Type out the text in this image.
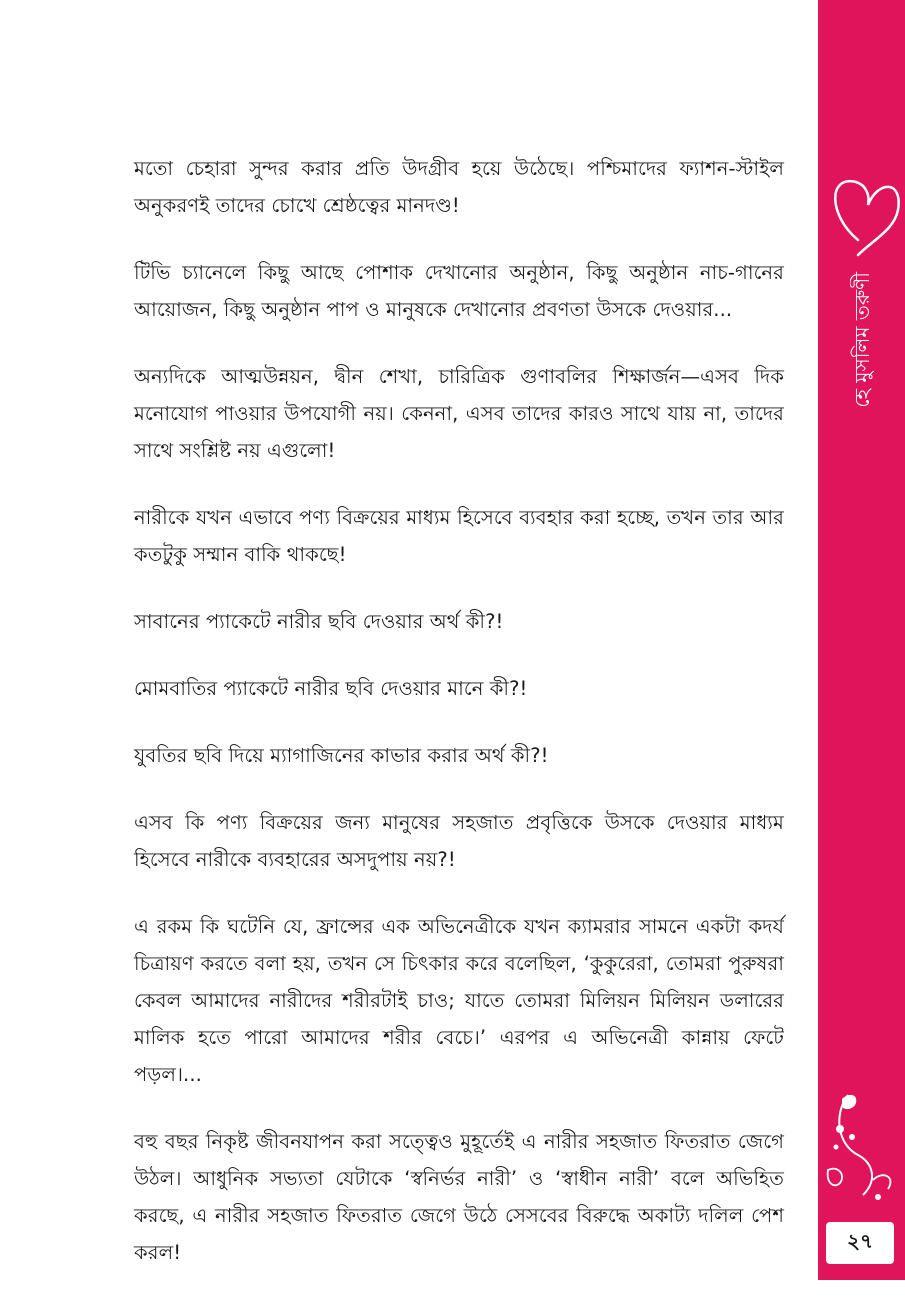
মতো চেহারা সুন্দর করার প্রতি উদগ্রীব হয়ে উঠেছে। পশ্চিমাদের ফ্যাশন-স্টাইল অনুকরণই তাদের চোখে শ্রেষ্ঠত্বের মানদণ্ড!

টিভি চ্যানেলে কিছু আছে পোশাক দেখানোর অনুষ্ঠান, কিছু অনুষ্ঠান নাচ-গানের আয়োজন, কিছু অনুষ্ঠান পাপ ও মানুষকে দেখানোর প্রবণতা উসকে দেওয়ার...

অন্যদিকে আত্মউন্নয়ন, দ্বীন শেখা, চারিত্রিক গুণাবলির শিক্ষার্জন—এসব দিক মনোযোগ পাওয়ার উপযোগী নয়। কেননা, এসব তাদের কারও সাথে যায় না, তাদের সাথে সংশ্লিষ্ট নয় এগুলো!

নারীকে যখন এভাবে পণ্য বিক্রয়ের মাধ্যম হিসেবে ব্যবহার করা হচ্ছে, তখন তার আর কতটুকু সম্মান বাকি থাকছে!

সাবানের প্যাকেটে নারীর ছবি দেওয়ার অর্থ কী?!

মোমবাতির প্যাকেটে নারীর ছবি দেওয়ার মানে কী?!

যুবতির ছবি দিয়ে ম্যাগাজিনের কাভার করার অর্থ কী?!

এসব কি পণ্য বিক্রয়ের জন্য মানুষের সহজাত প্রবৃত্তিকে উসকে দেওয়ার মাধ্যম হিসেবে নারীকে ব্যবহারের অসদুপায় নয়?!

এ রকম কি ঘটেনি যে, ফ্রান্সের এক অভিনেত্রীকে যখন ক্যামরার সামনে একটা কদর্য চিত্রায়ণ করতে বলা হয়, তখন সে চিৎকার করে বলেছিল, ‘কুকুরেরা, তোমরা পুরুষরা কেবল আমাদের নারীদের শরীরটাই চাও; যাতে তোমরা মিলিয়ন মিলিয়ন ডলারের মালিক হতে পারো আমাদের শরীর বেচে।’ এরপর এ অভিনেত্রী কান্নায় ফেটে পড়ল।...

বহু বছর নিকৃষ্ট জীবনযাপন করা সত্ত্বেও মুহূর্তেই এ নারীর সহজাত ফিতরাত জেগে উঠল। আধুনিক সভ্যতা যেটাকে ‘স্বনির্ভর নারী’ ও ‘স্বাধীন নারী’ বলে অভিহিত করছে, এ নারীর সহজাত ফিতরাত জেগে উঠে সেসবের বিরুদ্ধে অকাট্য দলিল পেশ করল!

হে মুসলিম তরুণী
২৭
